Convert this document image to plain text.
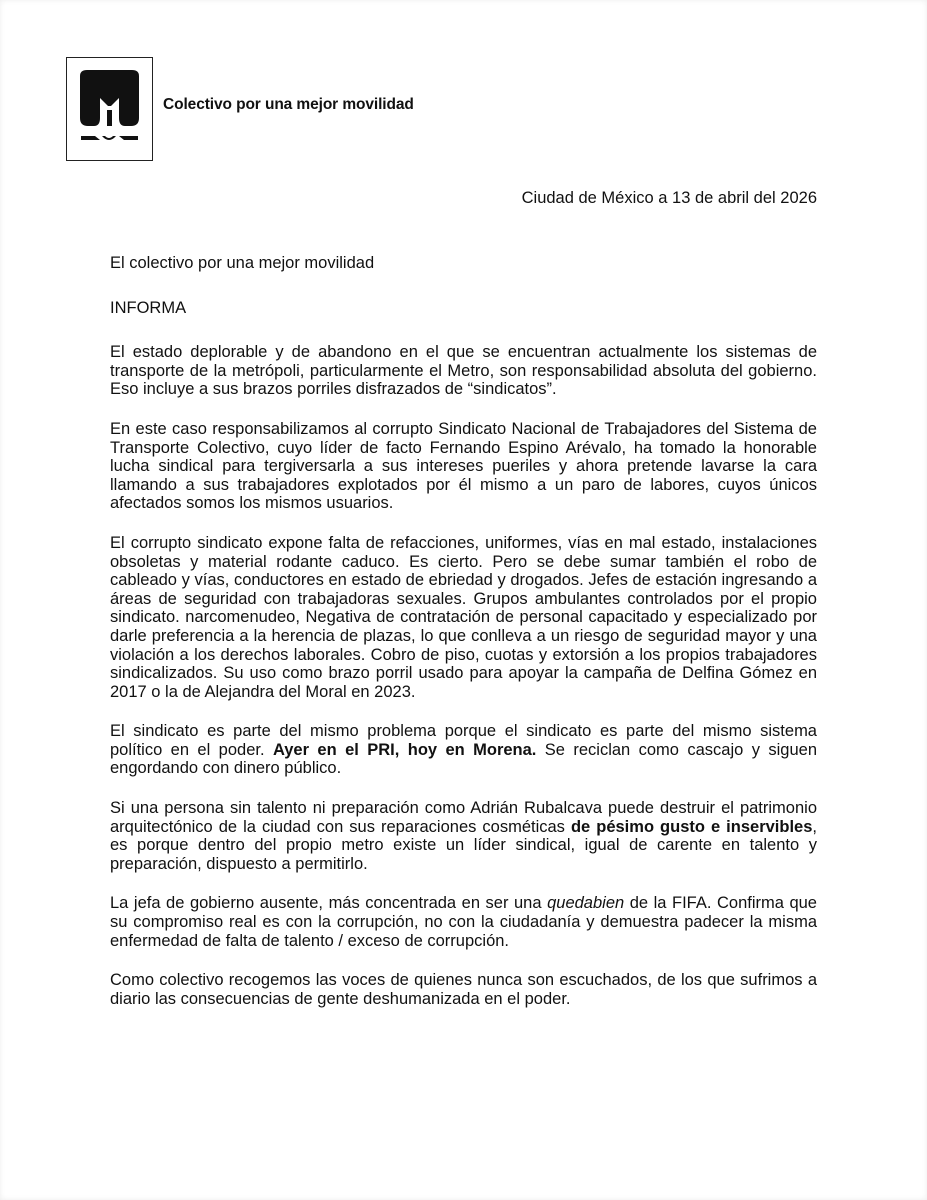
Colectivo por una mejor movilidad
Ciudad de México a 13 de abril del 2026

El colectivo por una mejor movilidad

INFORMA

El estado deplorable y de abandono en el que se encuentran actualmente los sistemas de transporte de la metrópoli, particularmente el Metro, son responsabilidad absoluta del gobierno. Eso incluye a sus brazos porriles disfrazados de “sindicatos”.

En este caso responsabilizamos al corrupto Sindicato Nacional de Trabajadores del Sistema de Transporte Colectivo, cuyo líder de facto Fernando Espino Arévalo, ha tomado la honorable lucha sindical para tergiversarla a sus intereses pueriles y ahora pretende lavarse la cara llamando a sus trabajadores explotados por él mismo a un paro de labores, cuyos únicos afectados somos los mismos usuarios.

El corrupto sindicato expone falta de refacciones, uniformes, vías en mal estado, instalaciones obsoletas y material rodante caduco. Es cierto. Pero se debe sumar también el robo de cableado y vías, conductores en estado de ebriedad y drogados. Jefes de estación ingresando a áreas de seguridad con trabajadoras sexuales. Grupos ambulantes controlados por el propio sindicato. narcomenudeo, Negativa de contratación de personal capacitado y especializado por darle preferencia a la herencia de plazas, lo que conlleva a un riesgo de seguridad mayor y una violación a los derechos laborales. Cobro de piso, cuotas y extorsión a los propios trabajadores sindicalizados. Su uso como brazo porril usado para apoyar la campaña de Delfina Gómez en 2017 o la de Alejandra del Moral en 2023.

El sindicato es parte del mismo problema porque el sindicato es parte del mismo sistema político en el poder. Ayer en el PRI, hoy en Morena. Se reciclan como cascajo y siguen engordando con dinero público.

Si una persona sin talento ni preparación como Adrián Rubalcava puede destruir el patrimonio arquitectónico de la ciudad con sus reparaciones cosméticas de pésimo gusto e inservibles, es porque dentro del propio metro existe un líder sindical, igual de carente en talento y preparación, dispuesto a permitirlo.

La jefa de gobierno ausente, más concentrada en ser una quedabien de la FIFA. Confirma que su compromiso real es con la corrupción, no con la ciudadanía y demuestra padecer la misma enfermedad de falta de talento / exceso de corrupción.

Como colectivo recogemos las voces de quienes nunca son escuchados, de los que sufrimos a diario las consecuencias de gente deshumanizada en el poder.
